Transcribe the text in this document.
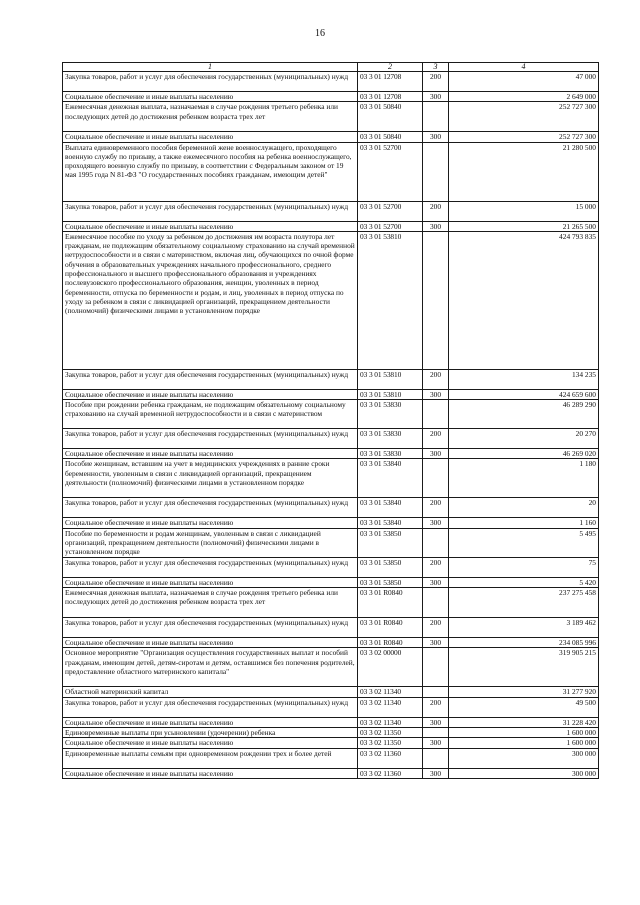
16
1	2	3	4
Закупка товаров, работ и услуг для обеспечения государственных (муниципальных) нужд	03 3 01 12708	200	47 000
Социальное обеспечение и иные выплаты населению	03 3 01 12708	300	2 649 000
Ежемесячная денежная выплата, назначаемая в случае рождения третьего ребенка или последующих детей до достижения ребенком возраста трех лет	03 3 01 50840		252 727 300
Социальное обеспечение и иные выплаты населению	03 3 01 50840	300	252 727 300
Выплата единовременного пособия беременной жене военнослужащего, проходящего военную службу по призыву, а также ежемесячного пособия на ребенка военнослужащего, проходящего военную службу по призыву, в соответствии с Федеральным законом от 19 мая 1995 года N 81-ФЗ "О государственных пособиях гражданам, имеющим детей"	03 3 01 52700		21 280 500
Закупка товаров, работ и услуг для обеспечения государственных (муниципальных) нужд	03 3 01 52700	200	15 000
Социальное обеспечение и иные выплаты населению	03 3 01 52700	300	21 265 500
Ежемесячное пособие по уходу за ребенком до достижения им возраста полутора лет гражданам, не подлежащим обязательному социальному страхованию на случай временной нетрудоспособности и в связи с материнством, включая лиц, обучающихся по очной форме обучения в образовательных учреждениях начального профессионального, среднего профессионального и высшего профессионального образования и учреждениях послевузовского профессионального образования, женщин, уволенных в период беременности, отпуска по беременности и родам, и лиц, уволенных в период отпуска по уходу за ребенком в связи с ликвидацией организаций, прекращением деятельности (полномочий) физическими лицами в установленном порядке	03 3 01 53810		424 793 835
Закупка товаров, работ и услуг для обеспечения государственных (муниципальных) нужд	03 3 01 53810	200	134 235
Социальное обеспечение и иные выплаты населению	03 3 01 53810	300	424 659 600
Пособие при рождении ребенка гражданам, не подлежащим обязательному социальному страхованию на случай временной нетрудоспособности и в связи с материнством	03 3 01 53830		46 289 290
Закупка товаров, работ и услуг для обеспечения государственных (муниципальных) нужд	03 3 01 53830	200	20 270
Социальное обеспечение и иные выплаты населению	03 3 01 53830	300	46 269 020
Пособие женщинам, вставшим на учет в медицинских учреждениях в ранние сроки беременности, уволенным в связи с ликвидацией организаций, прекращением деятельности (полномочий) физическими лицами в установленном порядке	03 3 01 53840		1 180
Закупка товаров, работ и услуг для обеспечения государственных (муниципальных) нужд	03 3 01 53840	200	20
Социальное обеспечение и иные выплаты населению	03 3 01 53840	300	1 160
Пособие по беременности и родам женщинам, уволенным в связи с ликвидацией организаций, прекращением деятельности (полномочий) физическими лицами в установленном порядке	03 3 01 53850		5 495
Закупка товаров, работ и услуг для обеспечения государственных (муниципальных) нужд	03 3 01 53850	200	75
Социальное обеспечение и иные выплаты населению	03 3 01 53850	300	5 420
Ежемесячная денежная выплата, назначаемая в случае рождения третьего ребенка или последующих детей до достижения ребенком возраста трех лет	03 3 01 R0840		237 275 458
Закупка товаров, работ и услуг для обеспечения государственных (муниципальных) нужд	03 3 01 R0840	200	3 189 462
Социальное обеспечение и иные выплаты населению	03 3 01 R0840	300	234 085 996
Основное мероприятие "Организация осуществления государственных выплат и пособий гражданам, имеющим детей, детям-сиротам и детям, оставшимся без попечения родителей, предоставление областного материнского капитала"	03 3 02 00000		319 905 215
Областной материнский капитал	03 3 02 11340		31 277 920
Закупка товаров, работ и услуг для обеспечения государственных (муниципальных) нужд	03 3 02 11340	200	49 500
Социальное обеспечение и иные выплаты населению	03 3 02 11340	300	31 228 420
Единовременные выплаты при усыновлении (удочерении) ребенка	03 3 02 11350		1 600 000
Социальное обеспечение и иные выплаты населению	03 3 02 11350	300	1 600 000
Единовременные выплаты семьям при одновременном рождении трех и более детей	03 3 02 11360		300 000
Социальное обеспечение и иные выплаты населению	03 3 02 11360	300	300 000
